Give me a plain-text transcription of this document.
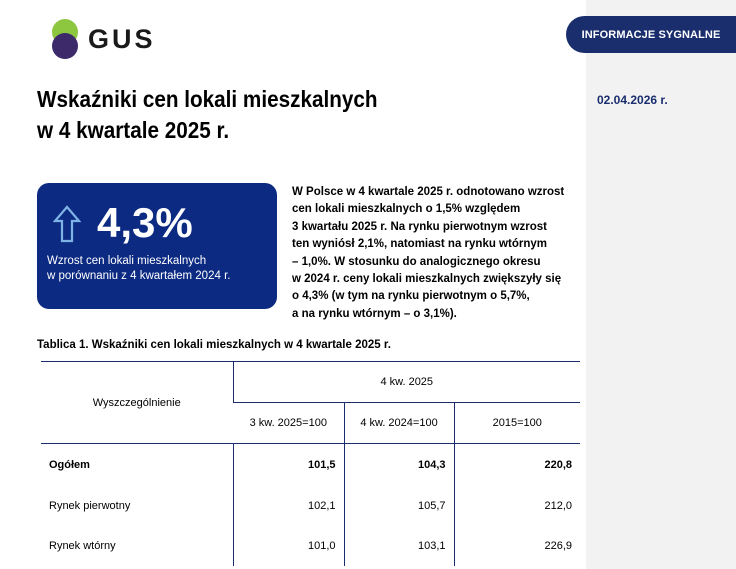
INFORMACJE SYGNALNE
02.04.2026 r.
GUS
Wskaźniki cen lokali mieszkalnych
w 4 kwartale 2025 r.
4,3%
Wzrost cen lokali mieszkalnych
w porównaniu z 4 kwartałem 2024 r.
W Polsce w 4 kwartale 2025 r. odnotowano wzrost
cen lokali mieszkalnych o 1,5% względem
3 kwartału 2025 r. Na rynku pierwotnym wzrost
ten wyniósł 2,1%, natomiast na rynku wtórnym
– 1,0%. W stosunku do analogicznego okresu
w 2024 r. ceny lokali mieszkalnych zwiększyły się
o 4,3% (w tym na rynku pierwotnym o 5,7%,
a na rynku wtórnym – o 3,1%).
Tablica 1. Wskaźniki cen lokali mieszkalnych w 4 kwartale 2025 r.
Wyszczególnienie	4 kw. 2025		
	3 kw. 2025=100	4 kw. 2024=100	2015=100
Ogółem	101,5	104,3	220,8
Rynek pierwotny	102,1	105,7	212,0
Rynek wtórny	101,0	103,1	226,9
